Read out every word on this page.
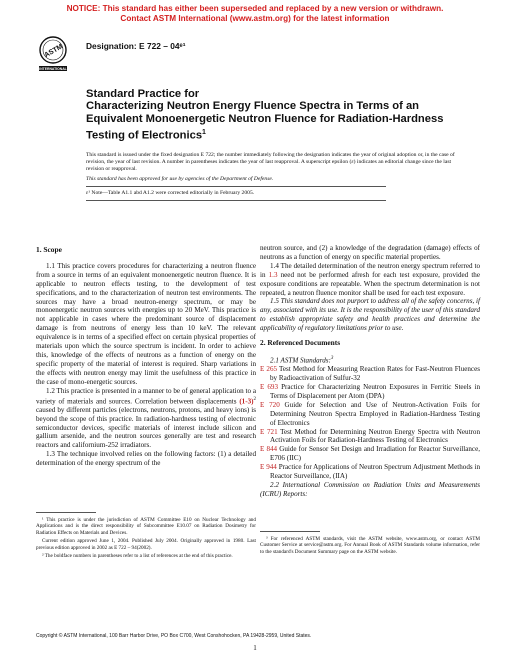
NOTICE: This standard has either been superseded and replaced by a new version or withdrawn.
Contact ASTM International (www.astm.org) for the latest information
ASTM
INTERNATIONAL
Designation: E 722 – 04ᵉ¹
Standard Practice for
Characterizing Neutron Energy Fluence Spectra in Terms of an Equivalent Monoenergetic Neutron Fluence for Radiation-Hardness Testing of Electronics$^1$
This standard is issued under the fixed designation E 722; the number immediately following the designation indicates the year of original adoption or, in the case of revision, the year of last revision. A number in parentheses indicates the year of last reapproval. A superscript epsilon (ε) indicates an editorial change since the last revision or reapproval.
This standard has been approved for use by agencies of the Department of Defense.
ε¹ Note—Table A1.1 abd A1.2 were corrected editorially in February 2005.

1. Scope

1.1 This practice covers procedures for characterizing a neutron fluence from a source in terms of an equivalent monoenergetic neutron fluence. It is applicable to neutron effects testing, to the development of test specifications, and to the characterization of neutron test environments. The sources may have a broad neutron-energy spectrum, or may be monoenergetic neutron sources with energies up to 20 MeV. This practice is not applicable in cases where the predominant source of displacement damage is from neutrons of energy less than 10 keV. The relevant equivalence is in terms of a specified effect on certain physical properties of materials upon which the source spectrum is incident. In order to achieve this, knowledge of the effects of neutrons as a function of energy on the specific property of the material of interest is required. Sharp variations in the effects with neutron energy may limit the usefulness of this practice in the case of mono-energetic sources.

1.2 This practice is presented in a manner to be of general application to a variety of materials and sources. Correlation between displacements $(1-3)^2$ caused by different particles (electrons, neutrons, protons, and heavy ions) is beyond the scope of this practice. In radiation-hardness testing of electronic semiconductor devices, specific materials of interest include silicon and gallium arsenide, and the neutron sources generally are test and research reactors and californium-252 irradiators.

1.3 The technique involved relies on the following factors: (1) a detailed determination of the energy spectrum of the

neutron source, and (2) a knowledge of the degradation (damage) effects of neutrons as a function of energy on specific material properties.

1.4 The detailed determination of the neutron energy spectrum referred to in 1.3 need not be performed afresh for each test exposure, provided the exposure conditions are repeatable. When the spectrum determination is not repeated, a neutron fluence monitor shall be used for each test exposure.

1.5 This standard does not purport to address all of the safety concerns, if any, associated with its use. It is the responsibility of the user of this standard to establish appropriate safety and health practices and determine the applicability of regulatory limitations prior to use.

2. Referenced Documents

2.1 ASTM Standards:$^3$

E 265 Test Method for Measuring Reaction Rates for Fast-Neutron Fluences by Radioactivation of Sulfur-32

E 693 Practice for Characterizing Neutron Exposures in Ferritic Steels in Terms of Displacement per Atom (DPA)

E 720 Guide for Selection and Use of Neutron-Activation Foils for Determining Neutron Spectra Employed in Radiation-Hardness Testing of Electronics

E 721 Test Method for Determining Neutron Energy Spectra with Neutron Activation Foils for Radiation-Hardness Testing of Electronics

E 844 Guide for Sensor Set Design and Irradiation for Reactor Surveillance, E706 (IIC)

E 944 Practice for Applications of Neutron Spectrum Adjustment Methods in Reactor Surveillance, (IIA)

2.2 International Commission on Radiation Units and Measurements (ICRU) Reports:

¹ This practice is under the jurisdiction of ASTM Committee E10 on Nuclear Technology and Applications and is the direct responsibility of Subcommittee E10.07 on Radiation Dosimetry for Radiation Effects on Materials and Devices.

Current edition approved June 1, 2004. Published July 2004. Originally approved in 1980. Last previous edition approved in 2002 as E 722 – 94(2002).

² The boldface numbers in parentheses refer to a list of references at the end of this practice.

³ For referenced ASTM standards, visit the ASTM website, www.astm.org, or contact ASTM Customer Service at service@astm.org. For Annual Book of ASTM Standards volume information, refer to the standard's Document Summary page on the ASTM website.

Copyright © ASTM International, 100 Barr Harbor Drive, PO Box C700, West Conshohocken, PA 19428-2959, United States.
1
